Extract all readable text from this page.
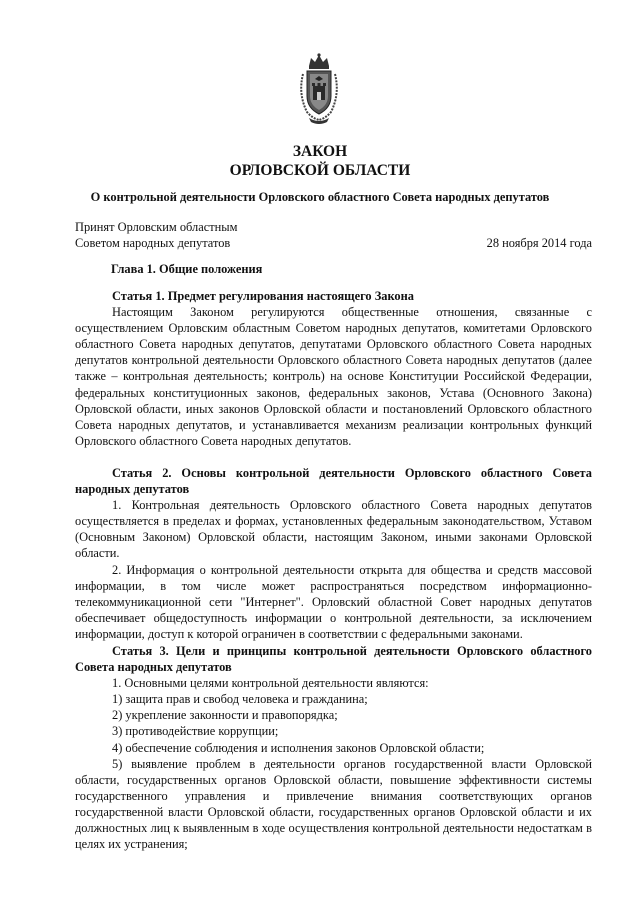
ЗАКОН
ОРЛОВСКОЙ ОБЛАСТИ
О контрольной деятельности Орловского областного Совета народных депутатов
Принят Орловским областным
Советом народных депутатов	28 ноября 2014 года
Глава 1. Общие положения
Статья 1. Предмет регулирования настоящего Закона

Настоящим Законом регулируются общественные отношения, связанные с осуществлением Орловским областным Советом народных депутатов, комитетами Орловского областного Совета народных депутатов, депутатами Орловского областного Совета народных депутатов контрольной деятельности Орловского областного Совета народных депутатов (далее также – контрольная деятельность; контроль) на основе Конституции Российской Федерации, федеральных конституционных законов, федеральных законов, Устава (Основного Закона) Орловской области, иных законов Орловской области и постановлений Орловского областного Совета народных депутатов, и устанавливается механизм реализации контрольных функций Орловского областного Совета народных депутатов.

Статья 2. Основы контрольной деятельности Орловского областного Совета народных депутатов

1. Контрольная деятельность Орловского областного Совета народных депутатов осуществляется в пределах и формах, установленных федеральным законодательством, Уставом (Основным Законом) Орловской области, настоящим Законом, иными законами Орловской области.

2. Информация о контрольной деятельности открыта для общества и средств массовой информации, в том числе может распространяться посредством информационно-телекоммуникационной сети "Интернет". Орловский областной Совет народных депутатов обеспечивает общедоступность информации о контрольной деятельности, за исключением информации, доступ к которой ограничен в соответствии с федеральными законами.

Статья 3. Цели и принципы контрольной деятельности Орловского областного Совета народных депутатов

1. Основными целями контрольной деятельности являются:

1) защита прав и свобод человека и гражданина;

2) укрепление законности и правопорядка;

3) противодействие коррупции;

4) обеспечение соблюдения и исполнения законов Орловской области;

5) выявление проблем в деятельности органов государственной власти Орловской области, государственных органов Орловской области, повышение эффективности системы государственного управления и привлечение внимания соответствующих органов государственной власти Орловской области, государственных органов Орловской области и их должностных лиц к выявленным в ходе осуществления контрольной деятельности недостаткам в целях их устранения;
